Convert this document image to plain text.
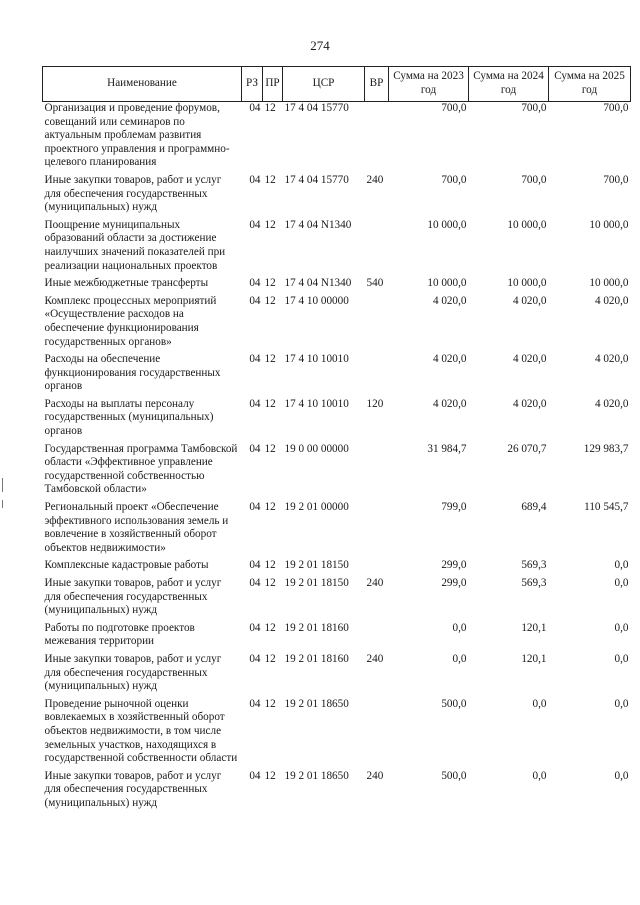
274
Наименование	РЗ	ПР	ЦСР	ВР	Сумма на 2023 год	Сумма на 2024 год	Сумма на 2025 год
Организация и проведение форумов, совещаний или семинаров по актуальным проблемам развития проектного управления и программно-целевого планирования	04	12	17 4 04 15770		700,0	700,0	700,0
Иные закупки товаров, работ и услуг для обеспечения государственных (муниципальных) нужд	04	12	17 4 04 15770	240	700,0	700,0	700,0
Поощрение муниципальных образований области за достижение наилучших значений показателей при реализации национальных проектов	04	12	17 4 04 N1340		10 000,0	10 000,0	10 000,0
Иные межбюджетные трансферты	04	12	17 4 04 N1340	540	10 000,0	10 000,0	10 000,0
Комплекс процессных мероприятий «Осуществление расходов на обеспечение функционирования государственных органов»	04	12	17 4 10 00000		4 020,0	4 020,0	4 020,0
Расходы на обеспечение функционирования государственных органов	04	12	17 4 10 10010		4 020,0	4 020,0	4 020,0
Расходы на выплаты персоналу государственных (муниципальных) органов	04	12	17 4 10 10010	120	4 020,0	4 020,0	4 020,0
Государственная программа Тамбовской области «Эффективное управление государственной собственностью Тамбовской области»	04	12	19 0 00 00000		31 984,7	26 070,7	129 983,7
Региональный проект «Обеспечение эффективного использования земель и вовлечение в хозяйственный оборот объектов недвижимости»	04	12	19 2 01 00000		799,0	689,4	110 545,7
Комплексные кадастровые работы	04	12	19 2 01 18150		299,0	569,3	0,0
Иные закупки товаров, работ и услуг для обеспечения государственных (муниципальных) нужд	04	12	19 2 01 18150	240	299,0	569,3	0,0
Работы по подготовке проектов межевания территории	04	12	19 2 01 18160		0,0	120,1	0,0
Иные закупки товаров, работ и услуг для обеспечения государственных (муниципальных) нужд	04	12	19 2 01 18160	240	0,0	120,1	0,0
Проведение рыночной оценки вовлекаемых в хозяйственный оборот объектов недвижимости, в том числе земельных участков, находящихся в государственной собственности области	04	12	19 2 01 18650		500,0	0,0	0,0
Иные закупки товаров, работ и услуг для обеспечения государственных (муниципальных) нужд	04	12	19 2 01 18650	240	500,0	0,0	0,0
